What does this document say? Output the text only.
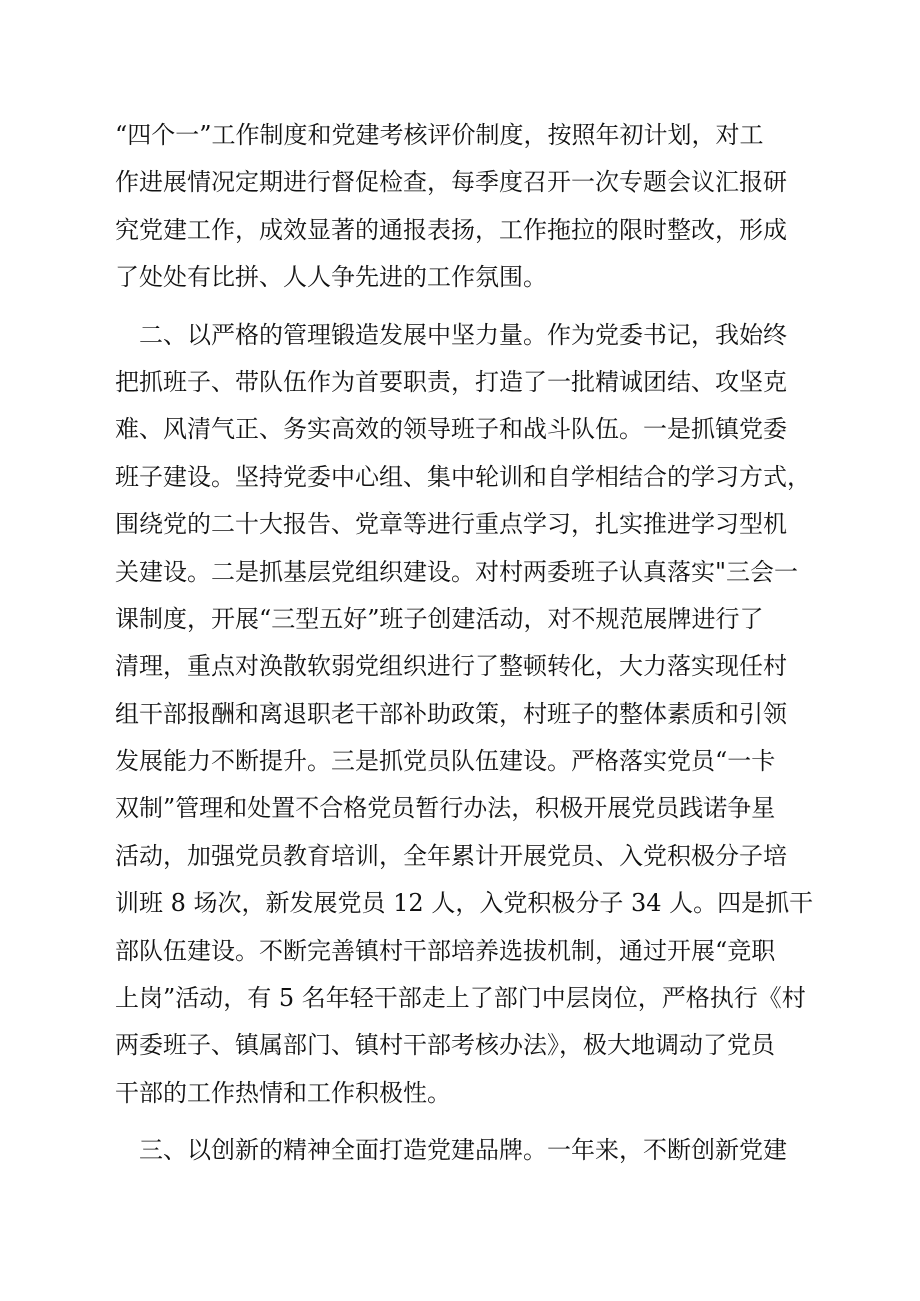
“四个一”工作制度和党建考核评价制度，按照年初计划，对工
作进展情况定期进行督促检查，每季度召开一次专题会议汇报研
究党建工作，成效显著的通报表扬，工作拖拉的限时整改，形成
了处处有比拼、人人争先进的工作氛围。
　二、以严格的管理锻造发展中坚力量。作为党委书记，我始终
把抓班子、带队伍作为首要职责，打造了一批精诚团结、攻坚克
难、风清气正、务实高效的领导班子和战斗队伍。一是抓镇党委
班子建设。坚持党委中心组、集中轮训和自学相结合的学习方式，
围绕党的二十大报告、党章等进行重点学习，扎实推进学习型机
关建设。二是抓基层党组织建设。对村两委班子认真落实"三会一
课制度，开展“三型五好”班子创建活动，对不规范展牌进行了
清理，重点对涣散软弱党组织进行了整顿转化，大力落实现任村
组干部报酬和离退职老干部补助政策，村班子的整体素质和引领
发展能力不断提升。三是抓党员队伍建设。严格落实党员“一卡
双制”管理和处置不合格党员暂行办法，积极开展党员践诺争星
活动，加强党员教育培训，全年累计开展党员、入党积极分子培
训班 8 场次，新发展党员 12 人，入党积极分子 34 人。四是抓干
部队伍建设。不断完善镇村干部培养选拔机制，通过开展“竞职
上岗”活动，有 5 名年轻干部走上了部门中层岗位，严格执行《村
两委班子、镇属部门、镇村干部考核办法》，极大地调动了党员
干部的工作热情和工作积极性。
　三、以创新的精神全面打造党建品牌。一年来，不断创新党建
